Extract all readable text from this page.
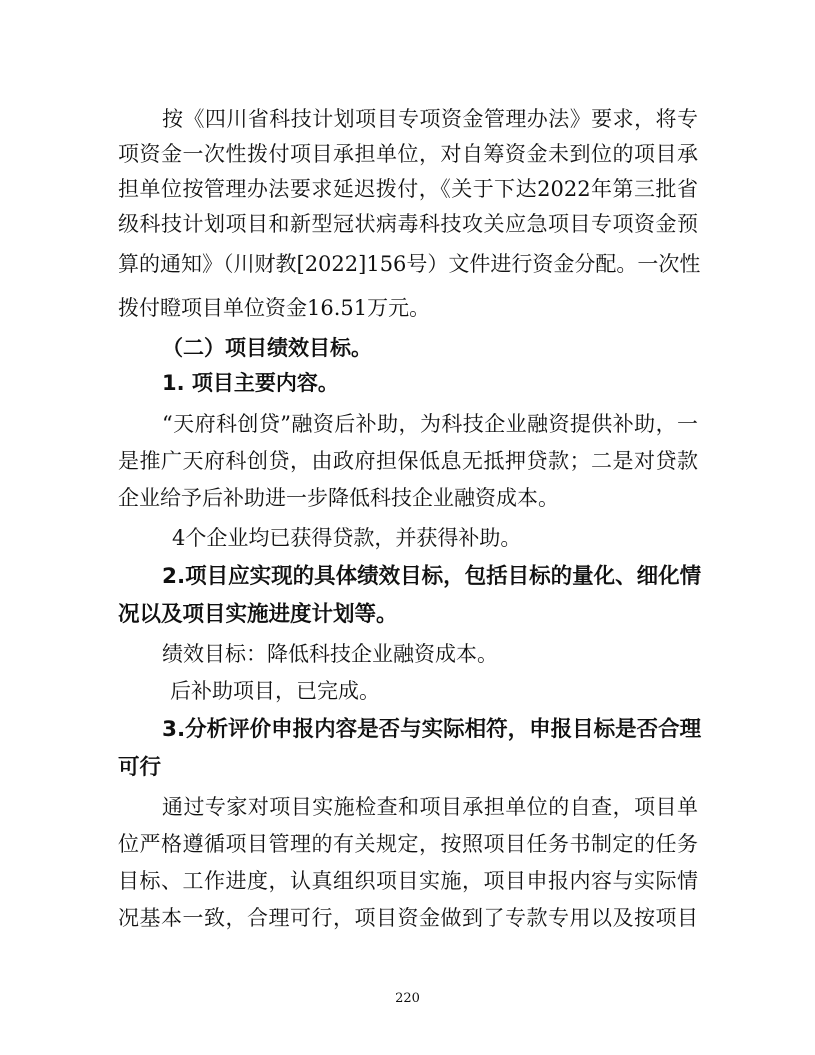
按《四川省科技计划项目专项资金管理办法》要求，将专
项资金一次性拨付项目承担单位，对自筹资金未到位的项目承
担单位按管理办法要求延迟拨付，《关于下达2022年第三批省
级科技计划项目和新型冠状病毒科技攻关应急项目专项资金预
算的通知》（川财教[2022]156号）文件进行资金分配。一次性
拨付瞪项目单位资金16.51万元。
（二）项目绩效目标。
1. 项目主要内容。
“天府科创贷”融资后补助，为科技企业融资提供补助，一
是推广天府科创贷，由政府担保低息无抵押贷款；二是对贷款
企业给予后补助进一步降低科技企业融资成本。
4个企业均已获得贷款，并获得补助。
2.项目应实现的具体绩效目标，包括目标的量化、细化情
况以及项目实施进度计划等。
绩效目标：降低科技企业融资成本。
后补助项目，已完成。
3.分析评价申报内容是否与实际相符，申报目标是否合理
可行
通过专家对项目实施检查和项目承担单位的自查，项目单
位严格遵循项目管理的有关规定，按照项目任务书制定的任务
目标、工作进度，认真组织项目实施，项目申报内容与实际情
况基本一致，合理可行，项目资金做到了专款专用以及按项目
220
